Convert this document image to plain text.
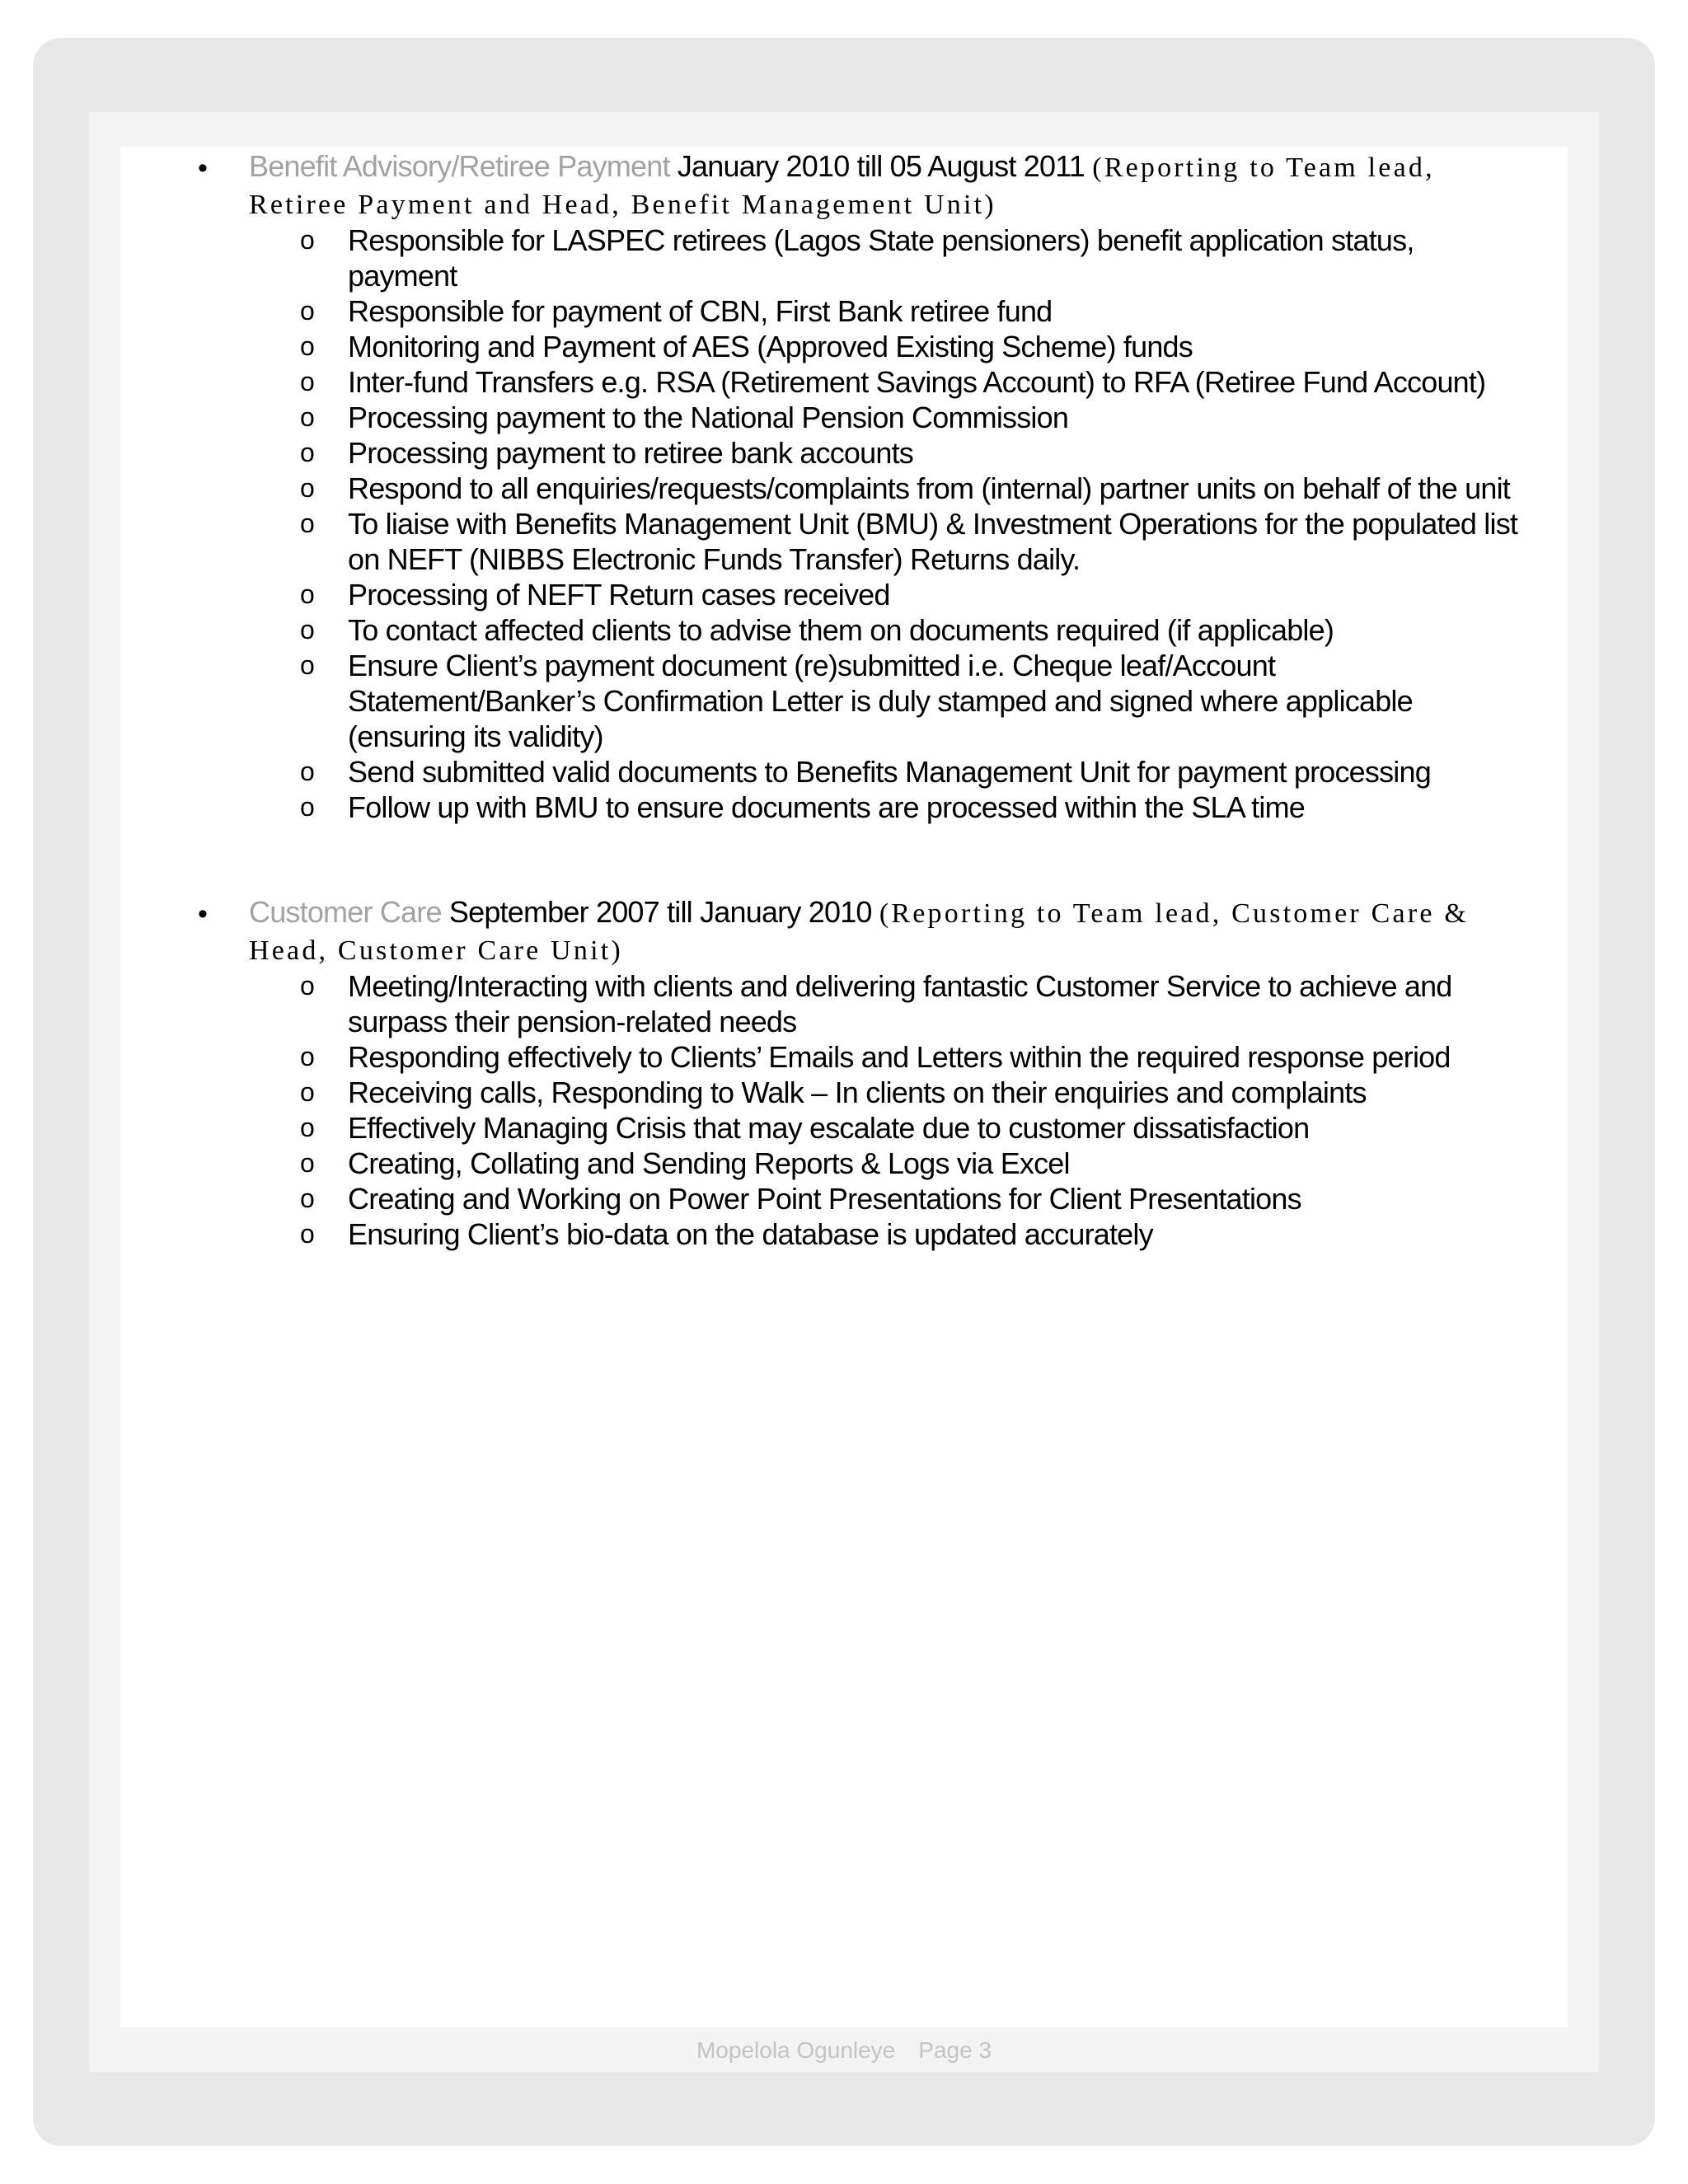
• Benefit Advisory/Retiree Payment January 2010 till 05 August 2011 (Reporting to Team lead, Retiree Payment and Head, Benefit Management Unit)
o Responsible for LASPEC retirees (Lagos State pensioners) benefit application status, payment
o Responsible for payment of CBN, First Bank retiree fund
o Monitoring and Payment of AES (Approved Existing Scheme) funds
o Inter-fund Transfers e.g. RSA (Retirement Savings Account) to RFA (Retiree Fund Account)
o Processing payment to the National Pension Commission
o Processing payment to retiree bank accounts
o Respond to all enquiries/requests/complaints from (internal) partner units on behalf of the unit
o To liaise with Benefits Management Unit (BMU) & Investment Operations for the populated list on NEFT (NIBBS Electronic Funds Transfer) Returns daily.
o Processing of NEFT Return cases received
o To contact affected clients to advise them on documents required (if applicable)
o Ensure Client’s payment document (re)submitted i.e. Cheque leaf/Account Statement/Banker’s Confirmation Letter is duly stamped and signed where applicable (ensuring its validity)
o Send submitted valid documents to Benefits Management Unit for payment processing
o Follow up with BMU to ensure documents are processed within the SLA time
• Customer Care September 2007 till January 2010 (Reporting to Team lead, Customer Care & Head, Customer Care Unit)
o Meeting/Interacting with clients and delivering fantastic Customer Service to achieve and surpass their pension-related needs
o Responding effectively to Clients’ Emails and Letters within the required response period
o Receiving calls, Responding to Walk – In clients on their enquiries and complaints
o Effectively Managing Crisis that may escalate due to customer dissatisfaction
o Creating, Collating and Sending Reports & Logs via Excel
o Creating and Working on Power Point Presentations for Client Presentations
o Ensuring Client’s bio-data on the database is updated accurately
Mopelola Ogunleye Page 3
